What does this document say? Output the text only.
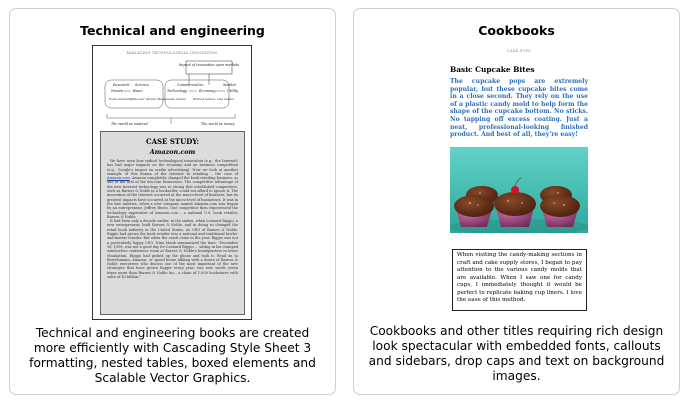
Technical and engineering
MANAGING TECHNOLOGICAL INNOVATION
Impact of innovation upon markets
Research Science	Commercialize	Market
Needs	Basic	Technology	Economy	Utility
Exist naturally Discover nature Manipulate nature	Embed nature Use nature
The world as material	The world as money
CASE STUDY:
Amazon.com

We have seen how radical technological innovation (e.g., the Internet) has had major impacts on the economy and on business competition (e.g., Google's impact on media advertising). Now we look at another example of this drama of the Internet in retailing – the case of Amazon.com. Amazon completely changed the book retailing business, as one of the first of the dot.com businesses. The competitive advantage of the new Internet technology was so strong that established competitors, such as Barnes & Noble in a bookseller, could not afford to ignore it. The innovation of the Internet occurred at the macro-level of business, but its greatest impacts have occurred at the micro-level of businesses. It was in the late nineties, when a new company named Amazon.com was begun by an entrepreneur, Jeffrey Bezos. One competitor then experienced the technology imperative of Amazon.com – a national U.S. book retailer, Barnes & Noble.

It had been only a decade earlier, in the sixties, when Leonard Riggio, a new entrepreneur, built Barnes & Noble, and in doing so changed the retail book industry in the United States. As CEO of Barnes & Noble, Riggio had grown the book retailer into a national and traditional bricks-and-mortar retailer. But when the crash came in the year, Riggio was not a particularly happy CEO. Nina Munk summarized the time: "December 16, 1998, was not a good day for Leonard Riggio ... sitting in his cramped windowless conference room at Barnes & Noble's headquarters in lower Manhattan, Riggio had picked up the phone and took it. Read on to Bertelsmann, Amazon, or spend hours talking with a dozen of Barnes & Noble executives who discuss one of the most important of the new strategies that have grown bigger every year; two new worth seven times more than Barnes & Noble Inc., a chain of 1,000 bookstores with sales of $3 billion."

Technical and engineering books are created more efficiently with Cascading Style Sheet 3 formatting, nested tables, boxed elements and Scalable Vector Graphics.
Cookbooks
CAKE POPS
Basic Cupcake Bites
The cupcake pops are extremely popular, but these cupcake bites come in a close second. They rely on the use of a plastic candy mold to help form the shape of the cupcake bottom. No sticks. No tapping off excess coating. Just a neat, professional-looking finished product. And best of all, they're easy!
When visiting the candy-making sections in craft and cake supply stores, I began to pay attention to the various candy molds that are available. When I saw one for candy cups, I immediately thought it would be perfect to replicate baking cup liners. I love the ease of this method.
Cookbooks and other titles requiring rich design look spectacular with embedded fonts, callouts and sidebars, drop caps and text on background images.
